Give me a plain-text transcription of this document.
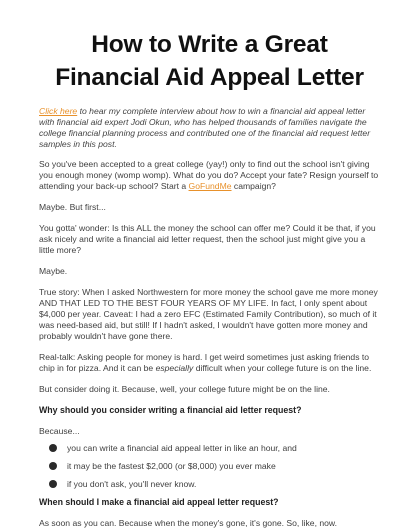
How to Write a Great Financial Aid Appeal Letter

Click here to hear my complete interview about how to win a financial aid appeal letter with financial aid expert Jodi Okun, who has helped thousands of families navigate the college financial planning process and contributed one of the financial aid request letter samples in this post.

So you've been accepted to a great college (yay!) only to find out the school isn't giving you enough money (womp womp). What do you do? Accept your fate? Resign yourself to attending your back-up school? Start a GoFundMe campaign?

Maybe. But first...

You gotta' wonder: Is this ALL the money the school can offer me? Could it be that, if you ask nicely and write a financial aid letter request, then the school just might give you a little more?

Maybe.

True story: When I asked Northwestern for more money the school gave me more money AND THAT LED TO THE BEST FOUR YEARS OF MY LIFE. In fact, I only spent about $4,000 per year. Caveat: I had a zero EFC (Estimated Family Contribution), so much of it was need-based aid, but still! If I hadn't asked, I wouldn't have gotten more money and probably wouldn't have gone there.

Real-talk: Asking people for money is hard. I get weird sometimes just asking friends to chip in for pizza. And it can be especially difficult when your college future is on the line.

But consider doing it. Because, well, your college future might be on the line.

Why should you consider writing a financial aid letter request?

Because...

you can write a financial aid appeal letter in like an hour, and
it may be the fastest $2,000 (or $8,000) you ever make
if you don't ask, you'll never know.

When should I make a financial aid appeal letter request?

As soon as you can. Because when the money's gone, it's gone. So, like, now.
